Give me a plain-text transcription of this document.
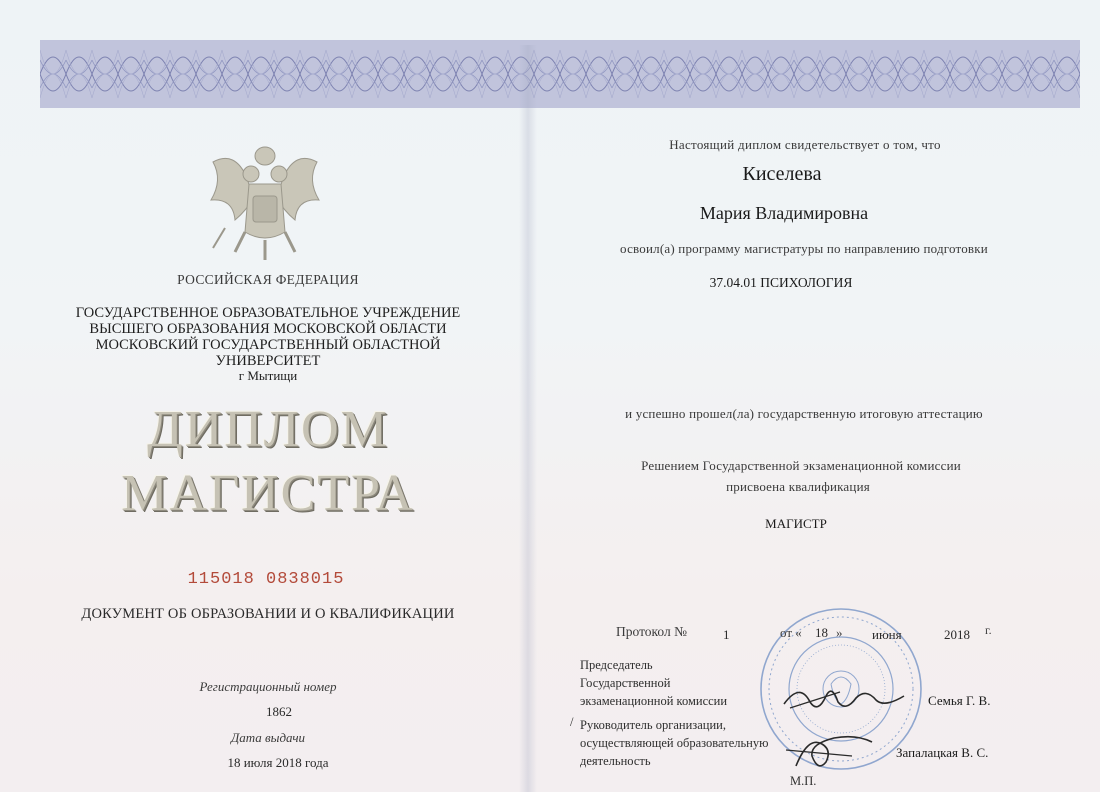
РОССИЙСКАЯ ФЕДЕРАЦИЯ
ГОСУДАРСТВЕННОЕ ОБРАЗОВАТЕЛЬНОЕ УЧРЕЖДЕНИЕ
ВЫСШЕГО ОБРАЗОВАНИЯ МОСКОВСКОЙ ОБЛАСТИ
МОСКОВСКИЙ ГОСУДАРСТВЕННЫЙ ОБЛАСТНОЙ
УНИВЕРСИТЕТ
г Мытищи
ДИПЛОМ
МАГИСТРА
115018 0838015
ДОКУМЕНТ ОБ ОБРАЗОВАНИИ И О КВАЛИФИКАЦИИ
Регистрационный номер
1862
Дата выдачи
18 июля 2018 года
Настоящий диплом свидетельствует о том, что
Киселева
Мария Владимировна
освоил(а) программу магистратуры по направлению подготовки
37.04.01 ПСИХОЛОГИЯ
и успешно прошел(ла) государственную итоговую аттестацию
Решением Государственной экзаменационной комиссии
присвоена квалификация
МАГИСТР
Протокол №	1	от « 18 » июня	2018 г.
Председатель
Государственной
экзаменационной комиссии	Семья Г. В.
/ Руководитель организации,
осуществляющей образовательную
деятельность
Запалацкая В. С.
М.П.
